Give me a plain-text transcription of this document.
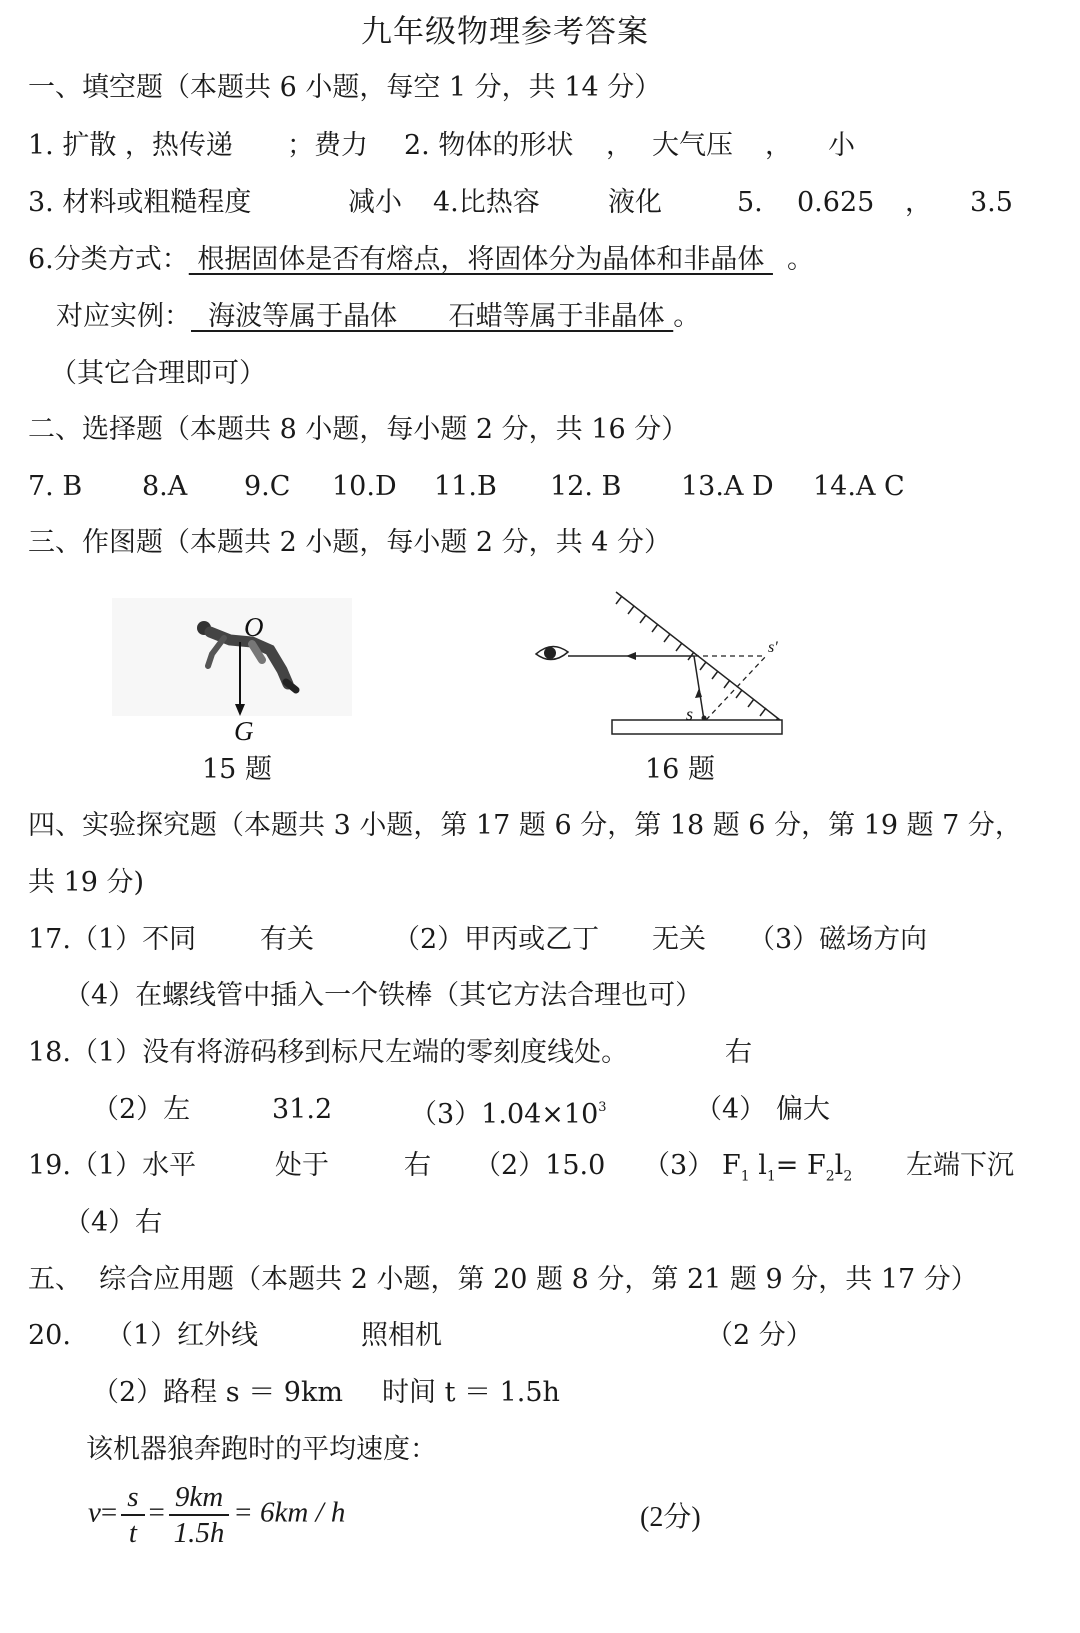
九年级物理参考答案
一、填空题（本题共 6 小题，每空 1 分，共 14 分）
1. 扩散 ，热传递 ；费力 2. 物体的形状 ， 大气压 ， 小
3. 材料或粗糙程度	减小 4.比热容	液化	5. 0.625 ， 3.5
6.分类方式： 根据固体是否有熔点，将固体分为晶体和非晶体 。
对应实例：  海波等属于晶体      石蜡等属于非晶体 。
（其它合理即可）
二、选择题（本题共 8 小题，每小题 2 分，共 16 分）
7. B 8.A 9.C 10.D 11.B 12. B 13.A D 14.A C
三、作图题（本题共 2 小题，每小题 2 分，共 4 分）
O
G
15 题
s
s'
16 题
四、实验探究题（本题共 3 小题，第 17 题 6 分，第 18 题 6 分，第 19 题 7 分，
共 19 分)
17.（1）不同 有关	（2）甲丙或乙丁 无关 （3）磁场方向
（4）在螺线管中插入一个铁棒（其它方法合理也可）
18.（1）没有将游码移到标尺左端的零刻度线处。	右
（2）左	31.2	$(3)1.04\times 10^3$	（4） 偏大
19.（1）水平	处于	右 （2）15.0 （3） $F_1$ $l_1= F_2l_2$ 左端下沉
（4）右
五、  综合应用题（本题共 2 小题，第 20 题 8 分，第 21 题 9 分，共 17 分）
20. （1）红外线	照相机	（2 分）
（2）路程 s ＝ 9km 时间 t ＝ 1.5h
该机器狼奔跑时的平均速度：
$v= \frac{s}{t} = \frac{9km}{1.5h} = 6km / h$	(2分)
